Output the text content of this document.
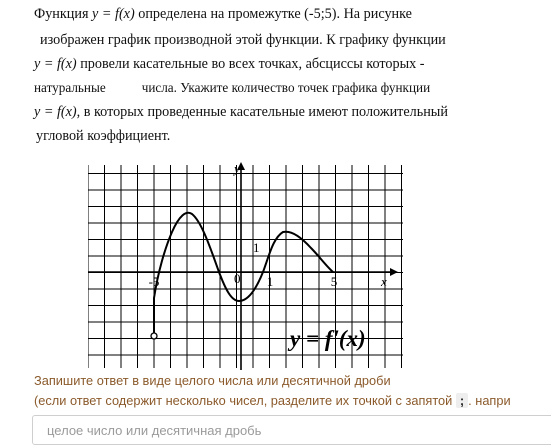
Функция y = f(x) определена на промежутке (-5;5). На рисунке
изображен график производной этой функции. К графику функции
y = f(x) провели касательные во всех точках, абсциссы которых -
натуральные	числа. Укажите количество точек графика функции
y = f(x), в которых проведенные касательные имеют положительный
угловой коэффициент.
y
x
-5	0 1	5
1
y = f'(x)
Запишите ответ в виде целого числа или десятичной дроби
(если ответ содержит несколько чисел, разделите их точкой с запятой ; . напри
целое число или десятичная дробь
